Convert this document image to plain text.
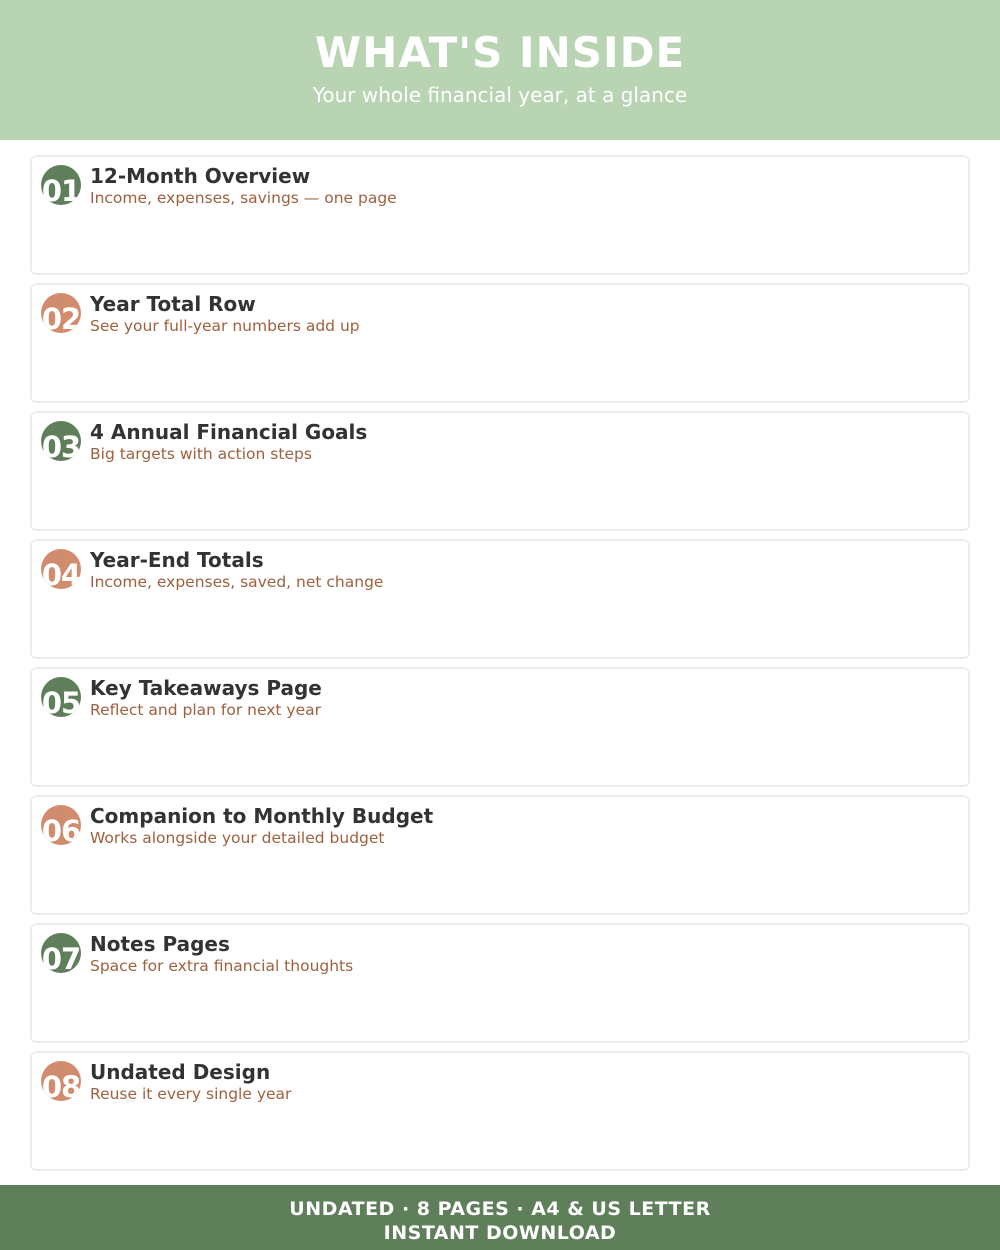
WHAT'S INSIDE
Your whole financial year, at a glance
01 12-Month Overview
Income, expenses, savings — one page
02 Year Total Row
See your full-year numbers add up
03 4 Annual Financial Goals
Big targets with action steps
04 Year-End Totals
Income, expenses, saved, net change
05 Key Takeaways Page
Reflect and plan for next year
06 Companion to Monthly Budget
Works alongside your detailed budget
07 Notes Pages
Space for extra financial thoughts
08 Undated Design
Reuse it every single year
UNDATED · 8 PAGES · A4 & US LETTER
INSTANT DOWNLOAD
